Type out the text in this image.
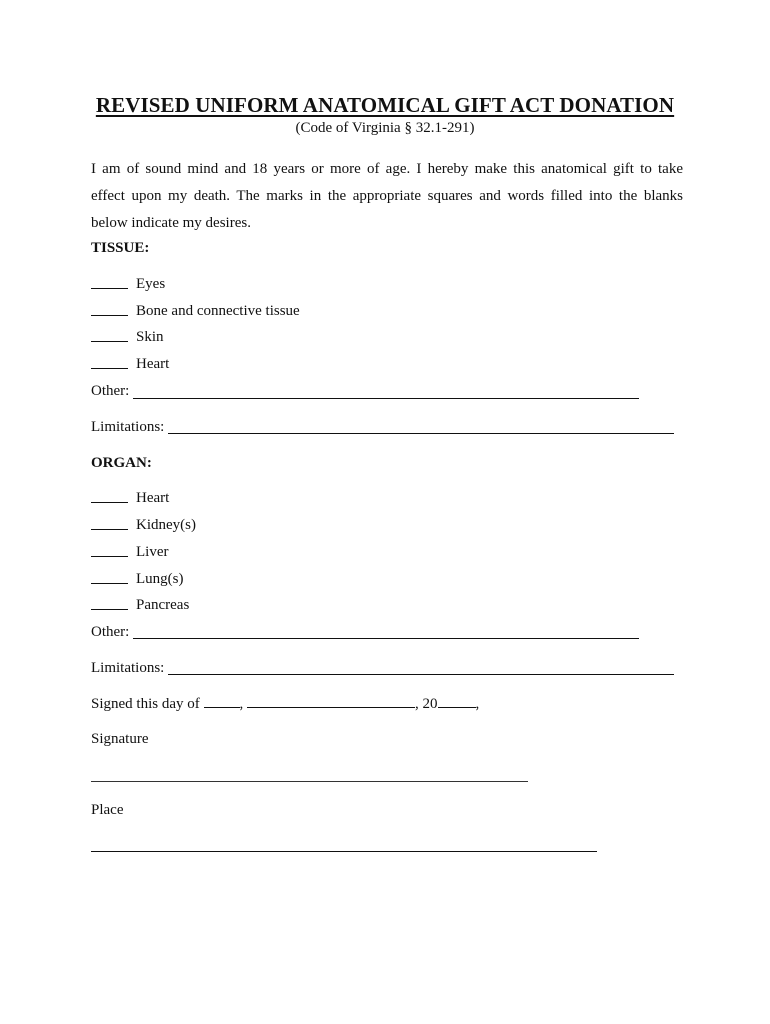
REVISED UNIFORM ANATOMICAL GIFT ACT DONATION
(Code of Virginia § 32.1-291)
I am of sound mind and 18 years or more of age. I hereby make this anatomical gift to take
effect upon my death. The marks in the appropriate squares and words filled into the blanks
below indicate my desires.
TISSUE:
Eyes
Bone and connective tissue
Skin
Heart
Other:
Limitations:
ORGAN:
Heart
Kidney(s)
Liver
Lung(s)
Pancreas
Other:
Limitations:
Signed this day of	,	, 20	,
Signature
Place
